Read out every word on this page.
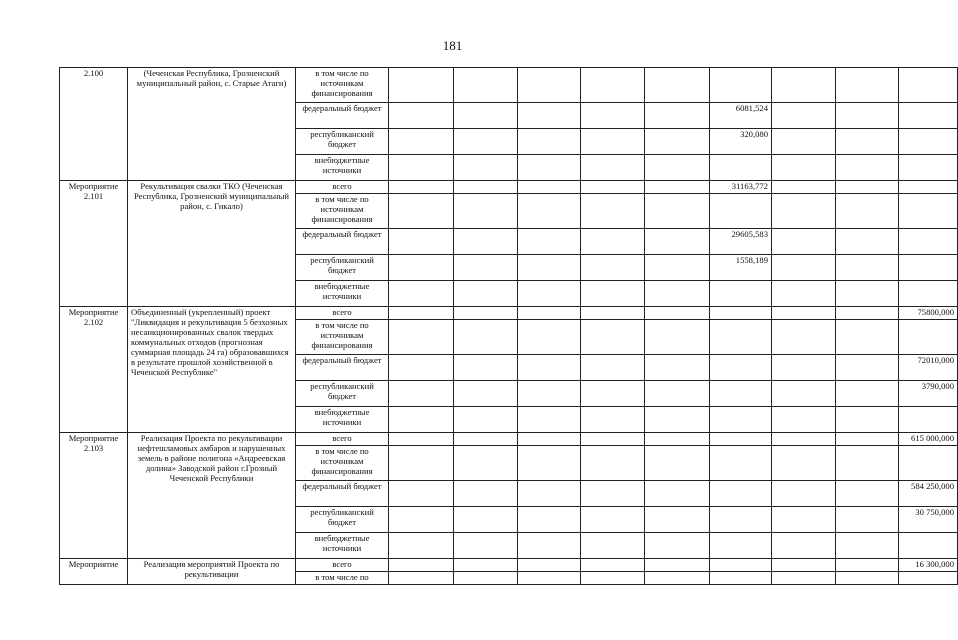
181
2.100	(Чеченская Республика, Грозненский муниципальный район, с. Старые Атаги)	в том числе по источникам финансирования									
		федеральный бюджет						6081,524			
		республиканский бюджет						320,080			
		внебюджетные источники									
Мероприятие 2.101	Рекультивация свалки ТКО (Чеченская Республика, Грозненский муниципальный район, с. Гикало)	всего						31163,772			
		в том числе по источникам финансирования									
		федеральный бюджет						29605,583			
		республиканский бюджет						1558,189			
		внебюджетные источники									
Мероприятие 2.102	Объединенный (укрепленный) проект "Ликвидация и рекультивация 5 безхозных несанкционированных свалок твердых коммунальных отходов (прогнозная суммарная площадь 24 га) образовавшихся в результате прошлой хозяйственной в Чеченской Республике"	всего									75800,000
		в том числе по источникам финансирования									
		федеральный бюджет									72010,000
		республиканский бюджет									3790,000
		внебюджетные источники									
Мероприятие 2.103	Реализация Проекта по рекультивации нефтешламовых амбаров и нарушенных земель в районе полигона «Андреевская долина» Заводской район г.Грозный Чеченской Республики	всего									615 000,000
		в том числе по источникам финансирования									
		федеральный бюджет									584 250,000
		республиканский бюджет									30 750,000
		внебюджетные источники									
Мероприятие	Реализация мероприятий Проекта по рекультивации	всего									16 300,000
		в том числе по									
